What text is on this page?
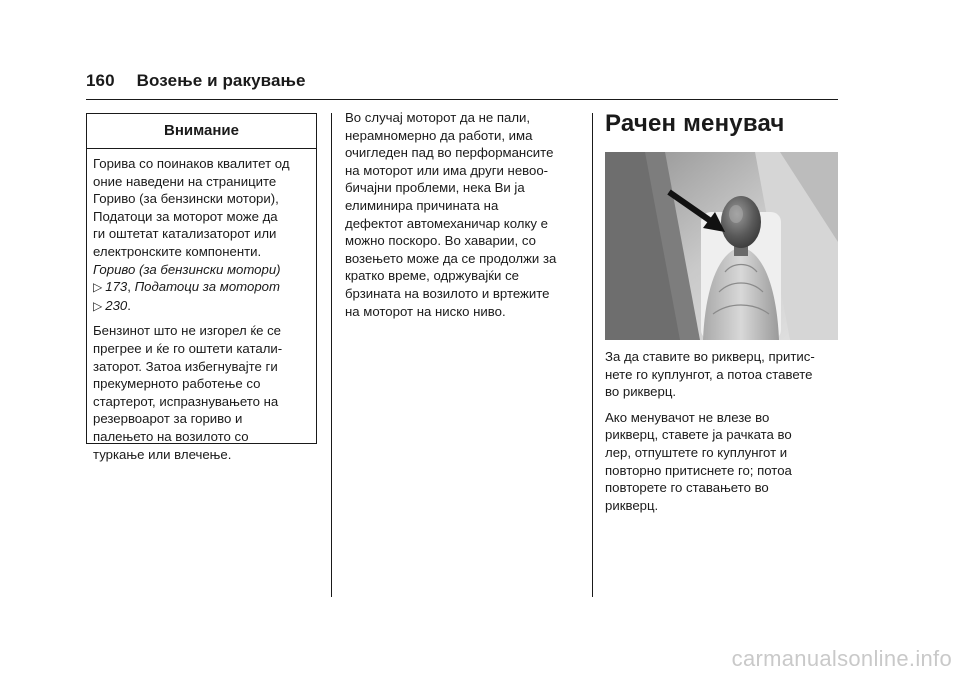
160 Возење и ракување
Внимание

Горива со поинаков квалитет од
оние наведени на страниците
Гориво (за бензински мотори),
Податоци за моторот може да
ги оштетат катализаторот или
електронските компоненти.
Гориво (за бензински мотори)
▷ 173, Податоци за моторот
▷ 230.

Бензинот што не изгорел ќе се
прегрее и ќе го оштети катали-
заторот. Затоа избегнувајте ги
прекумерното работење со
стартерот, испразнувањето на
резервоарот за гориво и
палењето на возилото со
туркање или влечење.

Во случај моторот да не пали,
нерамномерно да работи, има
очигледен пад во перформансите
на моторот или има други невоо-
бичајни проблеми, нека Ви ја
елиминира причината на
дефектот автомеханичар колку е
можно поскоро. Во хаварии, со
возењето може да се продолжи за
кратко време, одржувајќи се
брзината на возилото и вртежите
на моторот на ниско ниво.

Рачен менувач

За да ставите во рикверц, притис-
нете го куплунгот, а потоа ставете
во рикверц.

Ако менувачот не влезе во
рикверц, ставете ја рачката во
лер, отпуштете го куплунгот и
повторно притиснете го; потоа
повторете го ставањето во
рикверц.

carmanualsonline.info
